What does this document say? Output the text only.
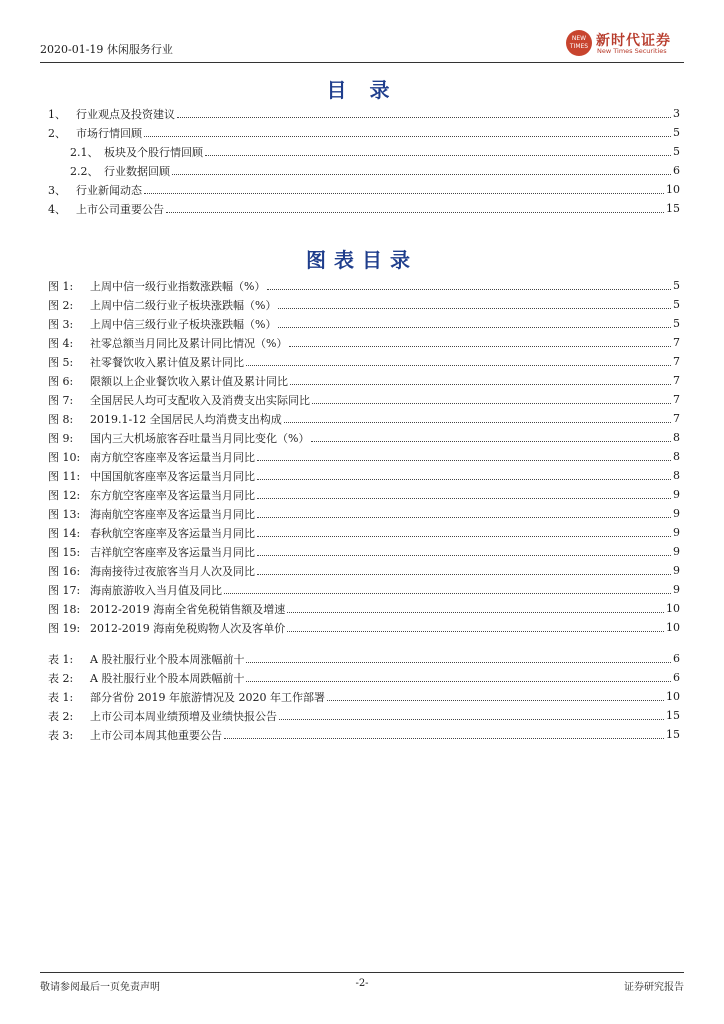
2020-01-19 休闲服务行业
NEW TIMES 新时代证券
New Times Securities
目 录
1、 行业观点及投资建议	3
2、 市场行情回顾	5
2.1、 板块及个股行情回顾	5
2.2、 行业数据回顾	6
3、 行业新闻动态	10
4、 上市公司重要公告	15
图表目录
图 1:	上周中信一级行业指数涨跌幅（%）	5
图 2:	上周中信二级行业子板块涨跌幅（%）	5
图 3:	上周中信三级行业子板块涨跌幅（%）	5
图 4:	社零总额当月同比及累计同比情况（%）	7
图 5:	社零餐饮收入累计值及累计同比	7
图 6:	限额以上企业餐饮收入累计值及累计同比	7
图 7:	全国居民人均可支配收入及消费支出实际同比	7
图 8:	2019.1-12 全国居民人均消费支出构成	7
图 9:	国内三大机场旅客吞吐量当月同比变化（%）	8
图 10: 南方航空客座率及客运量当月同比	8
图 11: 中国国航客座率及客运量当月同比	8
图 12: 东方航空客座率及客运量当月同比	9
图 13: 海南航空客座率及客运量当月同比	9
图 14: 春秋航空客座率及客运量当月同比	9
图 15: 吉祥航空客座率及客运量当月同比	9
图 16: 海南接待过夜旅客当月人次及同比	9
图 17: 海南旅游收入当月值及同比	9
图 18: 2012-2019 海南全省免税销售额及增速	10
图 19: 2012-2019 海南免税购物人次及客单价	10
表 1:	A 股社服行业个股本周涨幅前十	6
表 2:	A 股社服行业个股本周跌幅前十	6
表 1:	部分省份 2019 年旅游情况及 2020 年工作部署	10
表 2:	上市公司本周业绩预增及业绩快报公告	15
表 3:	上市公司本周其他重要公告	15
敬请参阅最后一页免责声明	-2-	证券研究报告
